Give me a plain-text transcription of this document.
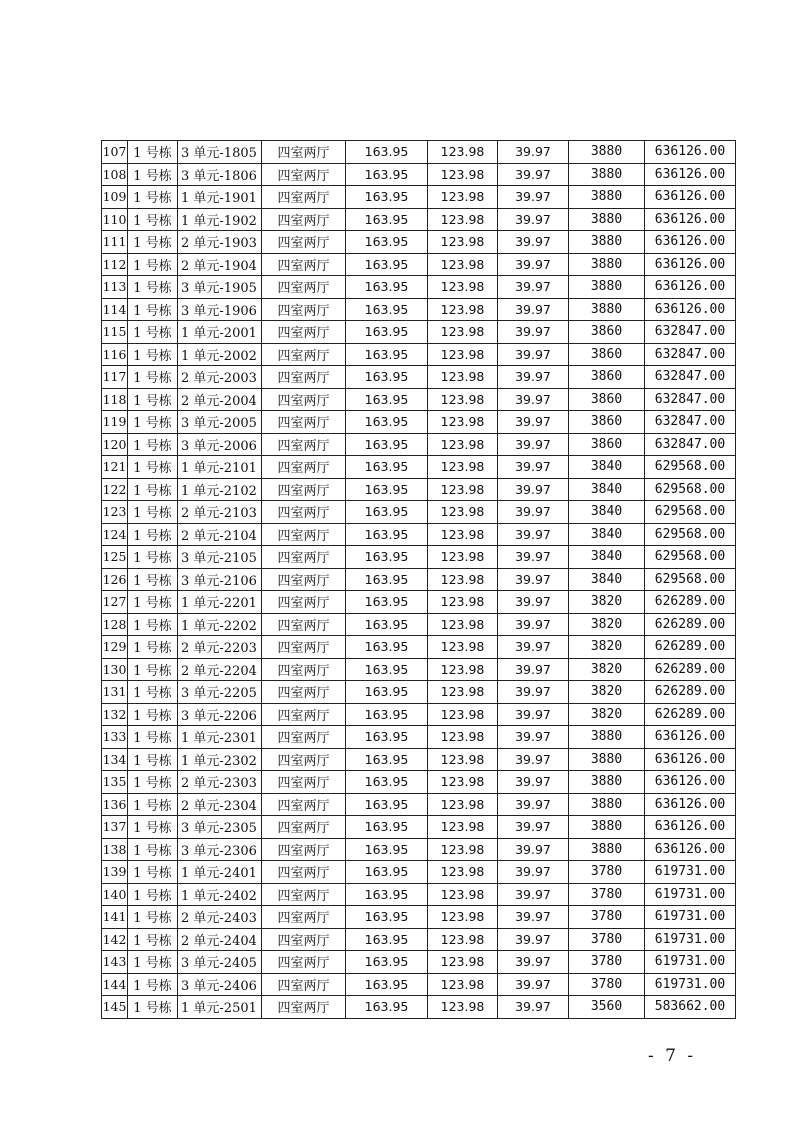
107	1 号栋	3 单元-1805	四室两厅	163.95	123.98	39.97	3880	636126.00
108	1 号栋	3 单元-1806	四室两厅	163.95	123.98	39.97	3880	636126.00
109	1 号栋	1 单元-1901	四室两厅	163.95	123.98	39.97	3880	636126.00
110	1 号栋	1 单元-1902	四室两厅	163.95	123.98	39.97	3880	636126.00
111	1 号栋	2 单元-1903	四室两厅	163.95	123.98	39.97	3880	636126.00
112	1 号栋	2 单元-1904	四室两厅	163.95	123.98	39.97	3880	636126.00
113	1 号栋	3 单元-1905	四室两厅	163.95	123.98	39.97	3880	636126.00
114	1 号栋	3 单元-1906	四室两厅	163.95	123.98	39.97	3880	636126.00
115	1 号栋	1 单元-2001	四室两厅	163.95	123.98	39.97	3860	632847.00
116	1 号栋	1 单元-2002	四室两厅	163.95	123.98	39.97	3860	632847.00
117	1 号栋	2 单元-2003	四室两厅	163.95	123.98	39.97	3860	632847.00
118	1 号栋	2 单元-2004	四室两厅	163.95	123.98	39.97	3860	632847.00
119	1 号栋	3 单元-2005	四室两厅	163.95	123.98	39.97	3860	632847.00
120	1 号栋	3 单元-2006	四室两厅	163.95	123.98	39.97	3860	632847.00
121	1 号栋	1 单元-2101	四室两厅	163.95	123.98	39.97	3840	629568.00
122	1 号栋	1 单元-2102	四室两厅	163.95	123.98	39.97	3840	629568.00
123	1 号栋	2 单元-2103	四室两厅	163.95	123.98	39.97	3840	629568.00
124	1 号栋	2 单元-2104	四室两厅	163.95	123.98	39.97	3840	629568.00
125	1 号栋	3 单元-2105	四室两厅	163.95	123.98	39.97	3840	629568.00
126	1 号栋	3 单元-2106	四室两厅	163.95	123.98	39.97	3840	629568.00
127	1 号栋	1 单元-2201	四室两厅	163.95	123.98	39.97	3820	626289.00
128	1 号栋	1 单元-2202	四室两厅	163.95	123.98	39.97	3820	626289.00
129	1 号栋	2 单元-2203	四室两厅	163.95	123.98	39.97	3820	626289.00
130	1 号栋	2 单元-2204	四室两厅	163.95	123.98	39.97	3820	626289.00
131	1 号栋	3 单元-2205	四室两厅	163.95	123.98	39.97	3820	626289.00
132	1 号栋	3 单元-2206	四室两厅	163.95	123.98	39.97	3820	626289.00
133	1 号栋	1 单元-2301	四室两厅	163.95	123.98	39.97	3880	636126.00
134	1 号栋	1 单元-2302	四室两厅	163.95	123.98	39.97	3880	636126.00
135	1 号栋	2 单元-2303	四室两厅	163.95	123.98	39.97	3880	636126.00
136	1 号栋	2 单元-2304	四室两厅	163.95	123.98	39.97	3880	636126.00
137	1 号栋	3 单元-2305	四室两厅	163.95	123.98	39.97	3880	636126.00
138	1 号栋	3 单元-2306	四室两厅	163.95	123.98	39.97	3880	636126.00
139	1 号栋	1 单元-2401	四室两厅	163.95	123.98	39.97	3780	619731.00
140	1 号栋	1 单元-2402	四室两厅	163.95	123.98	39.97	3780	619731.00
141	1 号栋	2 单元-2403	四室两厅	163.95	123.98	39.97	3780	619731.00
142	1 号栋	2 单元-2404	四室两厅	163.95	123.98	39.97	3780	619731.00
143	1 号栋	3 单元-2405	四室两厅	163.95	123.98	39.97	3780	619731.00
144	1 号栋	3 单元-2406	四室两厅	163.95	123.98	39.97	3780	619731.00
145	1 号栋	1 单元-2501	四室两厅	163.95	123.98	39.97	3560	583662.00
- 7 -
